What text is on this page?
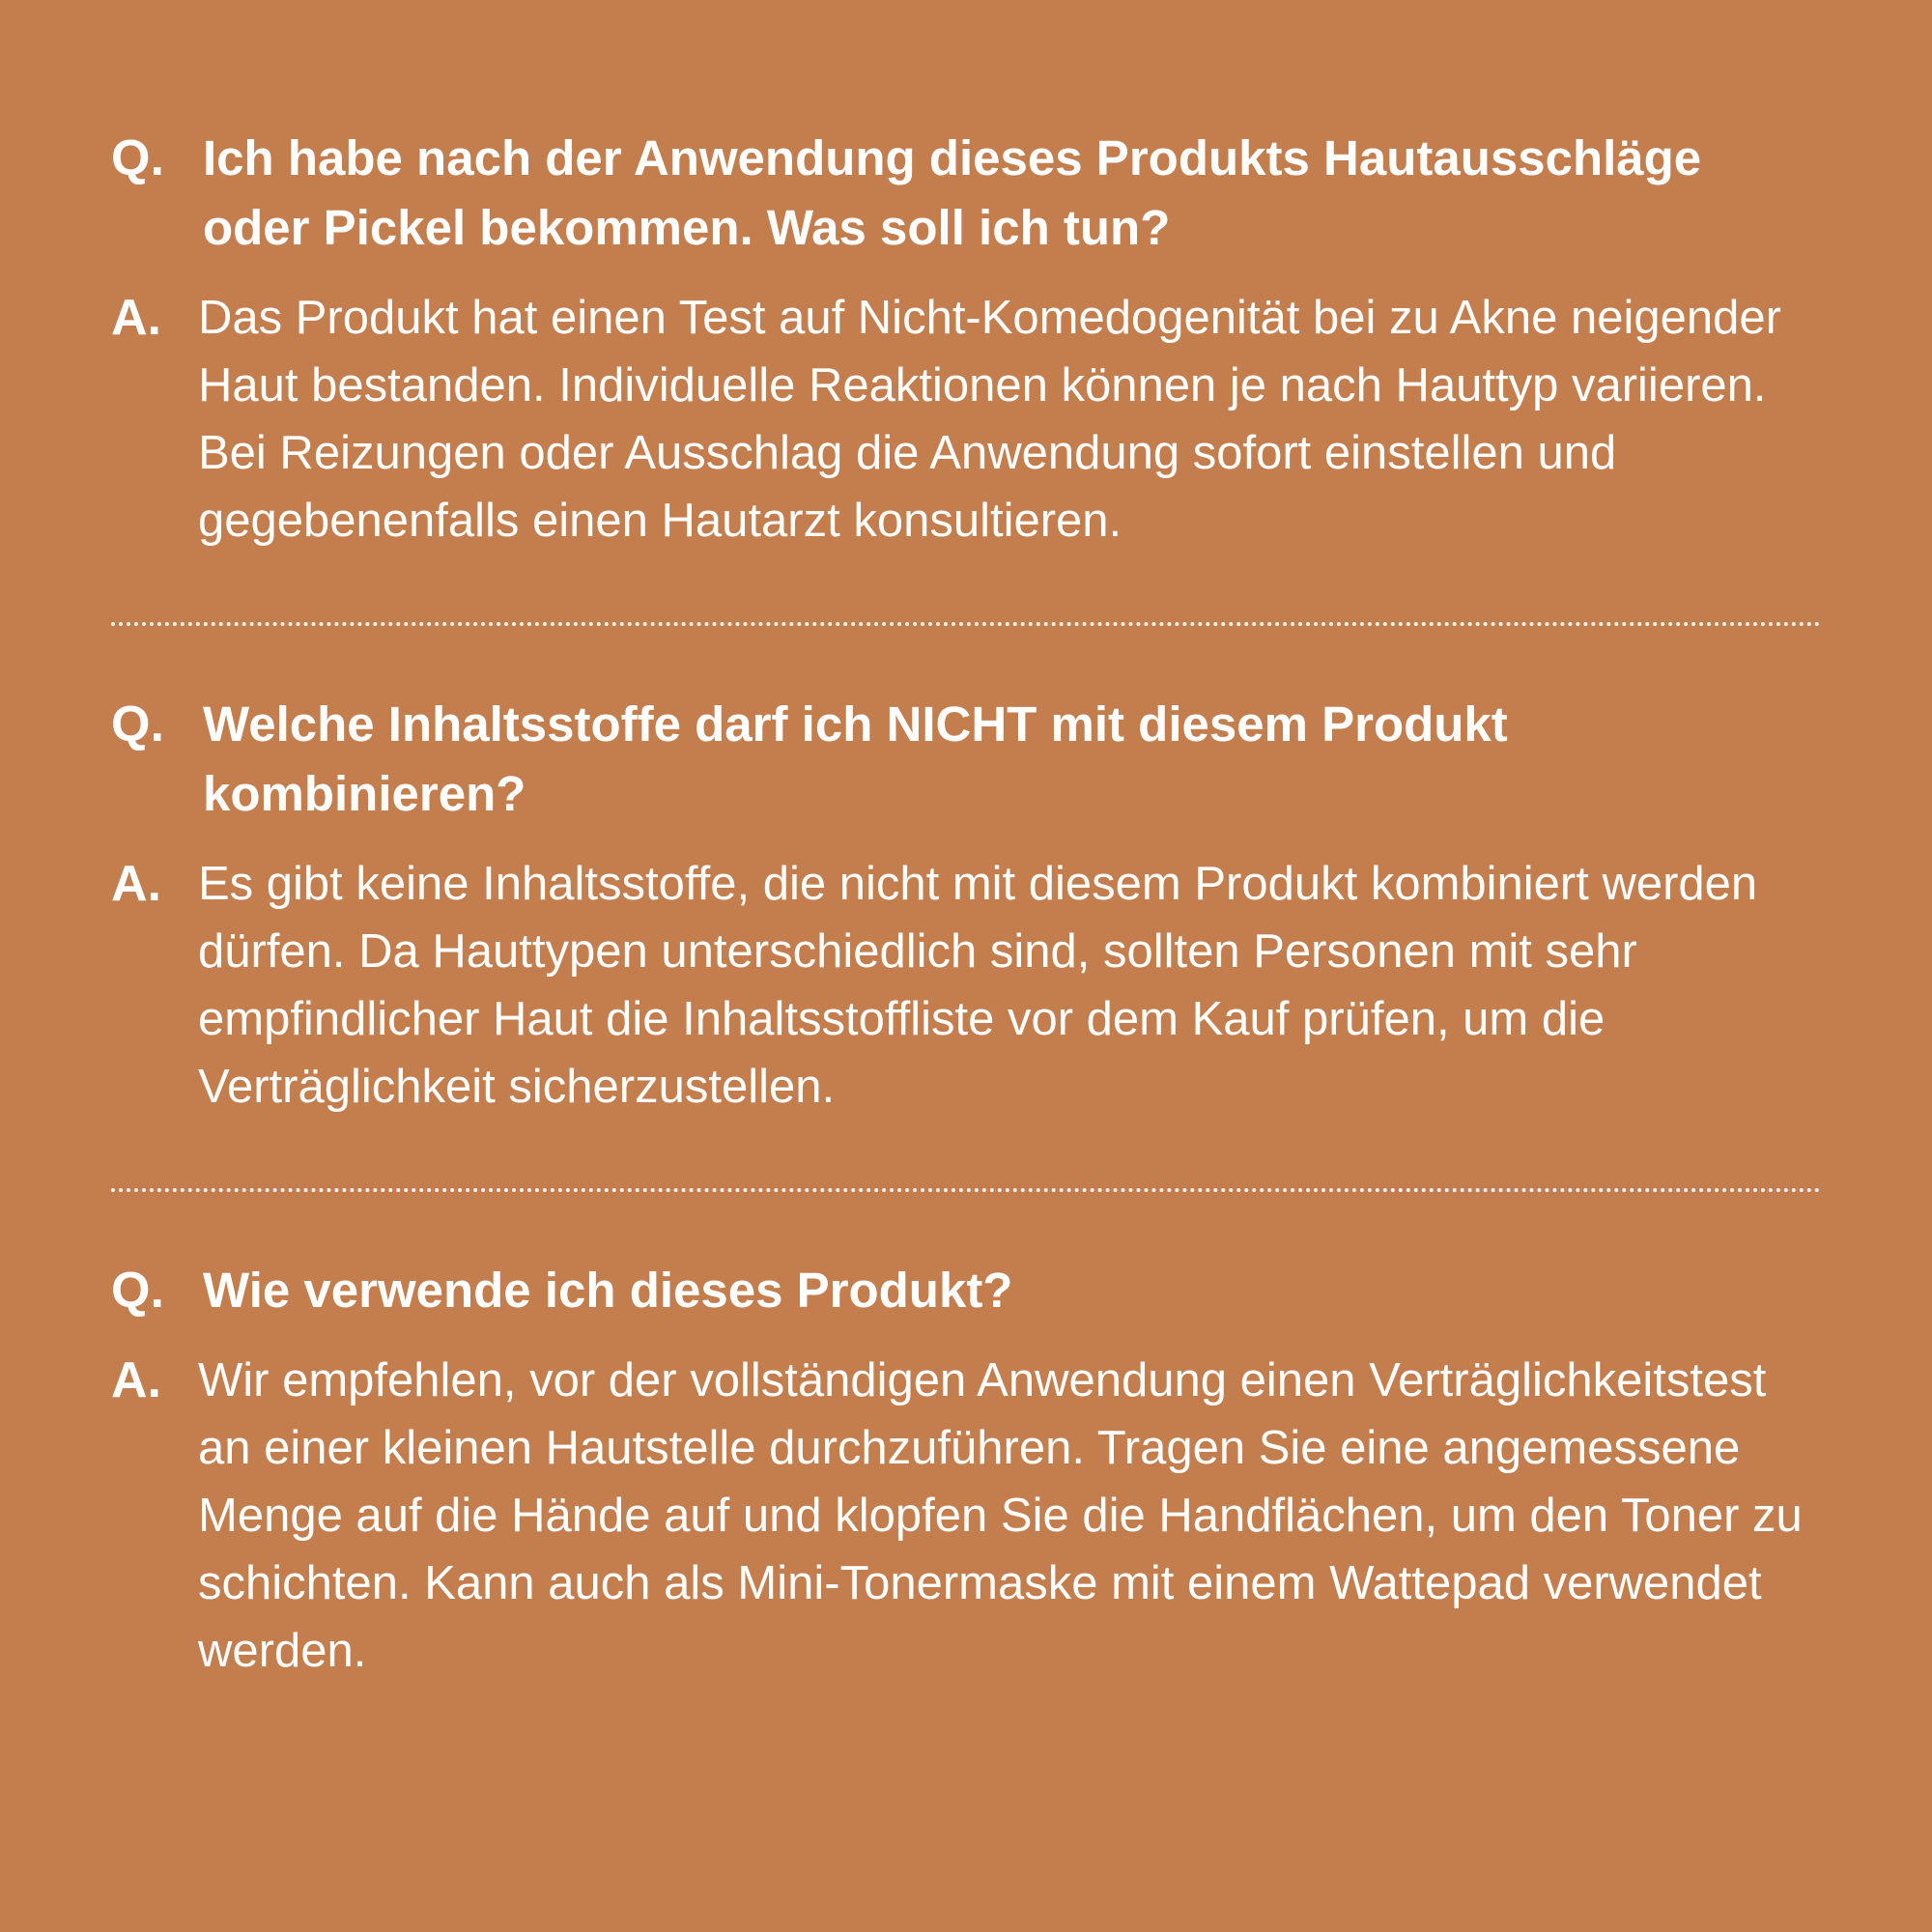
Q. Ich habe nach der Anwendung dieses Produkts Hautausschläge oder Pickel bekommen. Was soll ich tun?
A. Das Produkt hat einen Test auf Nicht-Komedogenität bei zu Akne neigender Haut bestanden. Individuelle Reaktionen können je nach Hauttyp variieren. Bei Reizungen oder Ausschlag die Anwendung sofort einstellen und gegebenenfalls einen Hautarzt konsultieren.
Q. Welche Inhaltsstoffe darf ich NICHT mit diesem Produkt kombinieren?
A. Es gibt keine Inhaltsstoffe, die nicht mit diesem Produkt kombiniert werden dürfen. Da Hauttypen unterschiedlich sind, sollten Personen mit sehr empfindlicher Haut die Inhaltsstoffliste vor dem Kauf prüfen, um die Verträglichkeit sicherzustellen.
Q. Wie verwende ich dieses Produkt?
A. Wir empfehlen, vor der vollständigen Anwendung einen Verträglichkeitstest an einer kleinen Hautstelle durchzuführen. Tragen Sie eine angemessene Menge auf die Hände auf und klopfen Sie die Handflächen, um den Toner zu schichten. Kann auch als Mini-Tonermaske mit einem Wattepad verwendet werden.
